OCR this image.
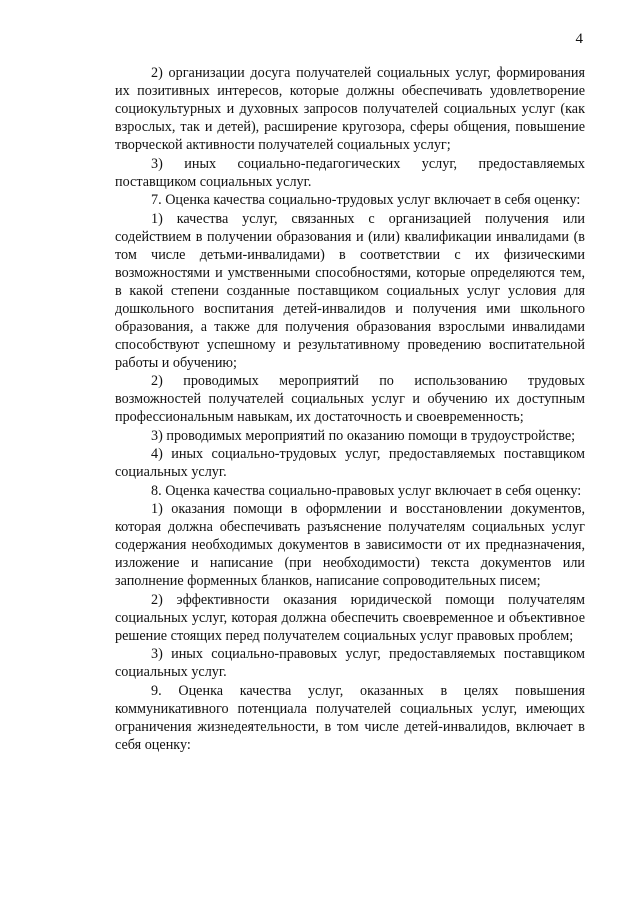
4

2) организации досуга получателей социальных услуг, формирования их позитивных интересов, которые должны обеспечивать удовлетворение социокультурных и духовных запросов получателей социальных услуг (как взрослых, так и детей), расширение кругозора, сферы общения, повышение творческой активности получателей социальных услуг;

3) иных социально-педагогических услуг, предоставляемых поставщиком социальных услуг.

7. Оценка качества социально-трудовых услуг включает в себя оценку:

1) качества услуг, связанных с организацией получения или содействием в получении образования и (или) квалификации инвалидами (в том числе детьми-инвалидами) в соответствии с их физическими возможностями и умственными способностями, которые определяются тем, в какой степени созданные поставщиком социальных услуг условия для дошкольного воспитания детей-инвалидов и получения ими школьного образования, а также для получения образования взрослыми инвалидами способствуют успешному и результативному проведению воспитательной работы и обучению;

2) проводимых мероприятий по использованию трудовых возможностей получателей социальных услуг и обучению их доступным профессиональным навыкам, их достаточность и своевременность;

3) проводимых мероприятий по оказанию помощи в трудоустройстве;

4) иных социально-трудовых услуг, предоставляемых поставщиком социальных услуг.

8. Оценка качества социально-правовых услуг включает в себя оценку:

1) оказания помощи в оформлении и восстановлении документов, которая должна обеспечивать разъяснение получателям социальных услуг содержания необходимых документов в зависимости от их предназначения, изложение и написание (при необходимости) текста документов или заполнение форменных бланков, написание сопроводительных писем;

2) эффективности оказания юридической помощи получателям социальных услуг, которая должна обеспечить своевременное и объективное решение стоящих перед получателем социальных услуг правовых проблем;

3) иных социально-правовых услуг, предоставляемых поставщиком социальных услуг.

9. Оценка качества услуг, оказанных в целях повышения коммуникативного потенциала получателей социальных услуг, имеющих ограничения жизнедеятельности, в том числе детей-инвалидов, включает в себя оценку:
